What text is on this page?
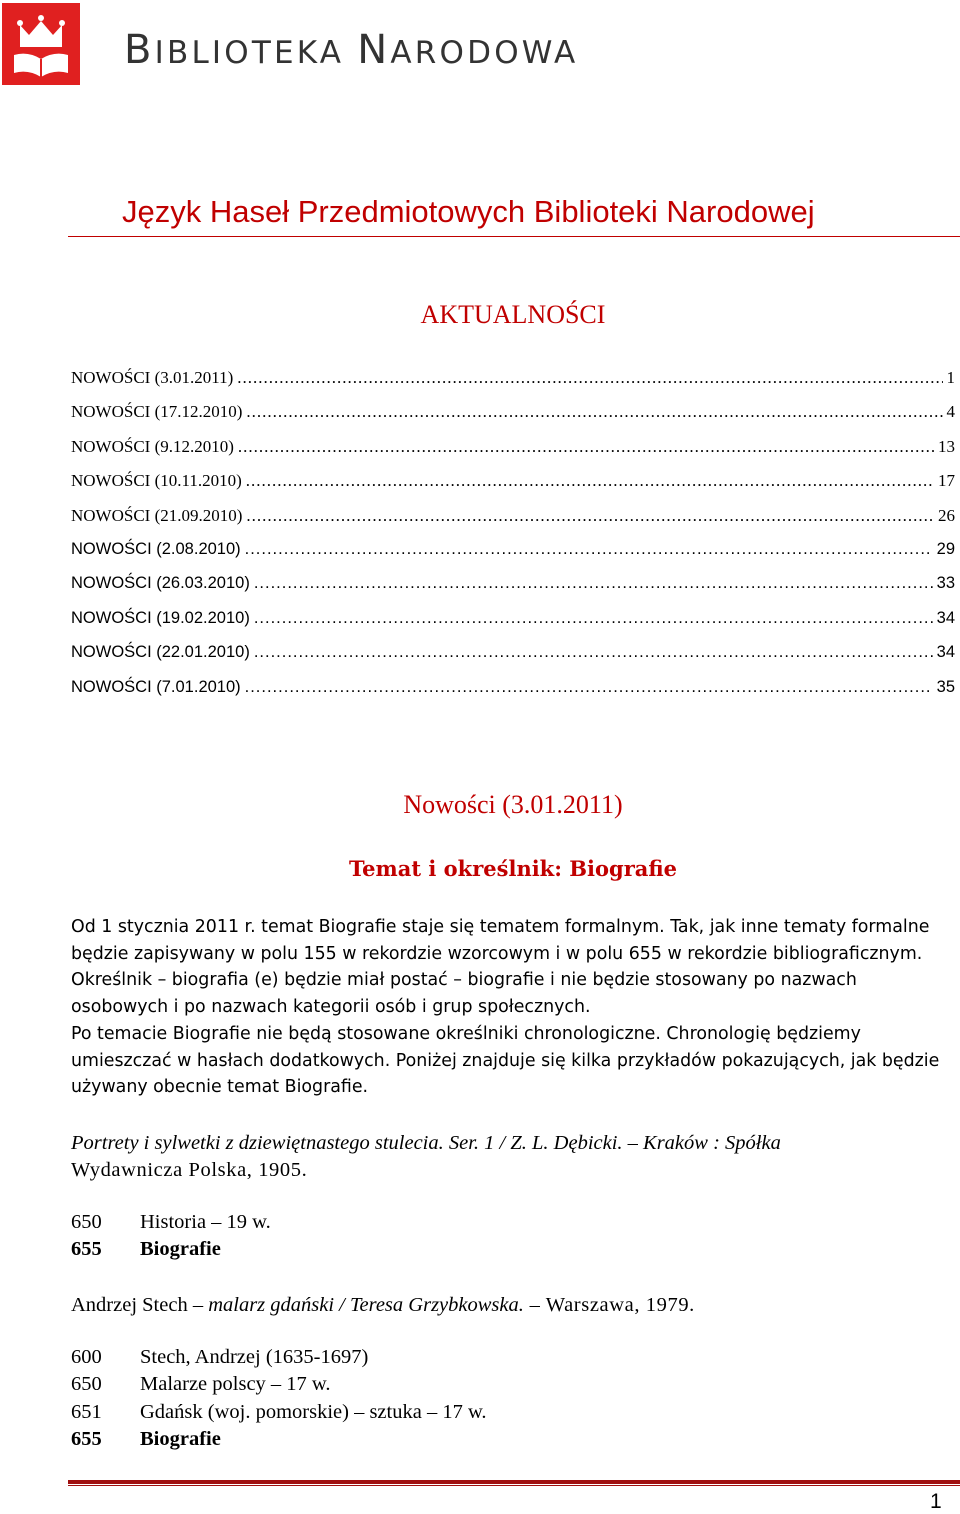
BIBLIOTEKA NARODOWA
Język Haseł Przedmiotowych Biblioteki Narodowej
AKTUALNOŚCI
NOWOŚCI (3.01.2011) .....	1
NOWOŚCI (17.12.2010) .....	4
NOWOŚCI (9.12.2010) .....	13
NOWOŚCI (10.11.2010) .....	17
NOWOŚCI (21.09.2010) .....	26
NOWOŚCI (2.08.2010) .....	29
NOWOŚCI (26.03.2010) .....	33
NOWOŚCI (19.02.2010) .....	34
NOWOŚCI (22.01.2010) .....	34
NOWOŚCI (7.01.2010) .....	35
Nowości (3.01.2011)
Temat i określnik: Biografie

Od 1 stycznia 2011 r. temat Biografie staje się tematem formalnym. Tak, jak inne tematy formalne będzie zapisywany w polu 155 w rekordzie wzorcowym i w polu 655 w rekordzie bibliograficznym. Określnik – biografia (e) będzie miał postać – biografie i nie będzie stosowany po nazwach osobowych i po nazwach kategorii osób i grup społecznych.

Po temacie Biografie nie będą stosowane określniki chronologiczne. Chronologię będziemy umieszczać w hasłach dodatkowych. Poniżej znajduje się kilka przykładów pokazujących, jak będzie używany obecnie temat Biografie.

Portrety i sylwetki z dziewiętnastego stulecia. Ser. 1 / Z. L. Dębicki. – Kraków : Spółka
Wydawnicza Polska, 1905.
650	Historia – 19 w.
655	Biografie
Andrzej Stech – malarz gdański / Teresa Grzybkowska. – Warszawa, 1979.
600	Stech, Andrzej (1635-1697)
650	Malarze polscy – 17 w.
651	Gdańsk (woj. pomorskie) – sztuka – 17 w.
655	Biografie
1
